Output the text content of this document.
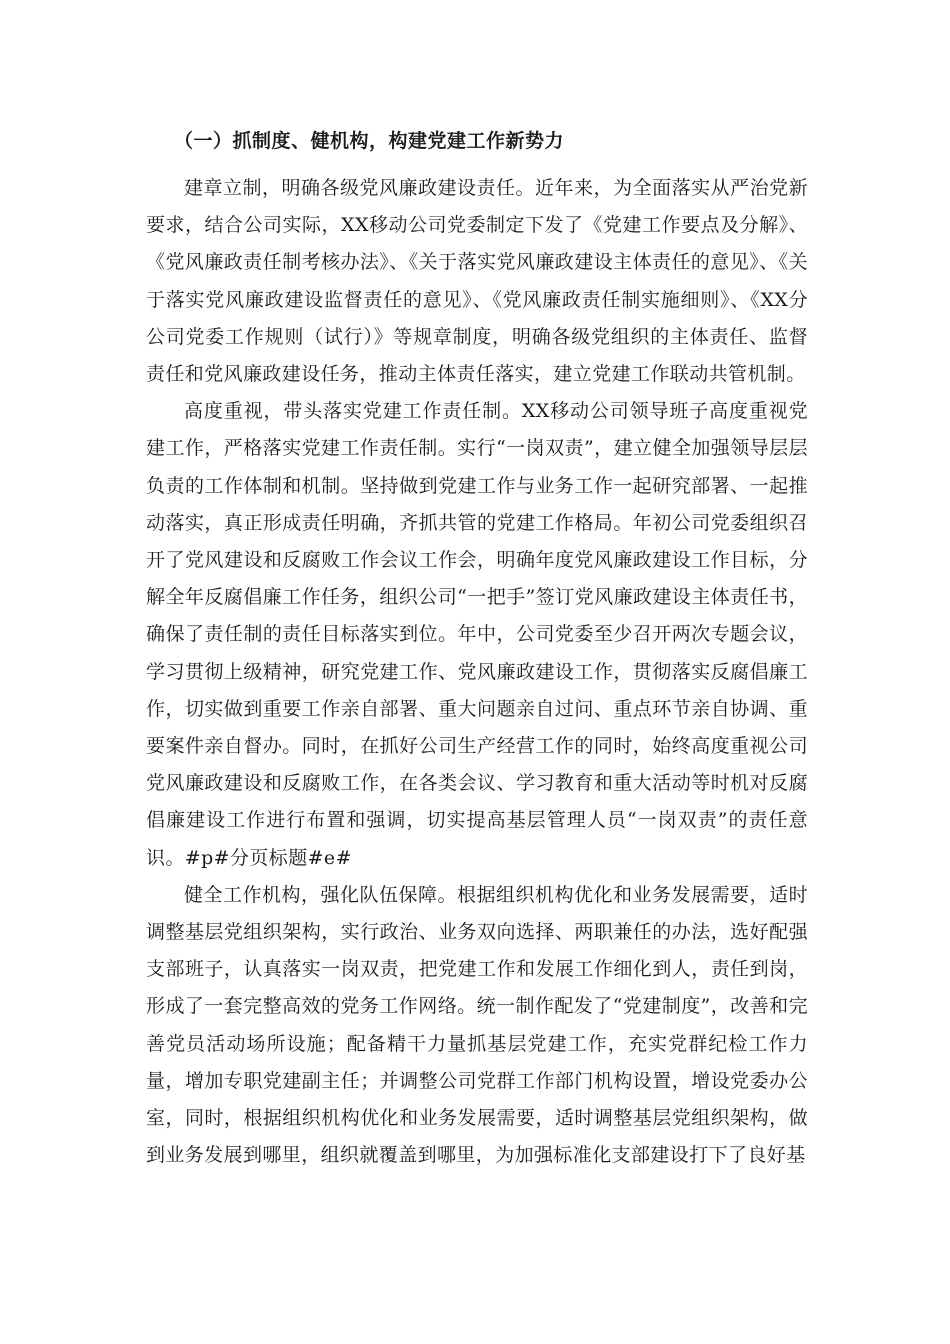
（一）抓制度、健机构，构建党建工作新势力

建章立制，明确各级党风廉政建设责任。近年来，为全面落实从严治党新要求，结合公司实际，XX移动公司党委制定下发了《党建工作要点及分解》、《党风廉政责任制考核办法》、《关于落实党风廉政建设主体责任的意见》、《关于落实党风廉政建设监督责任的意见》、《党风廉政责任制实施细则》、《XX分公司党委工作规则（试行）》等规章制度，明确各级党组织的主体责任、监督责任和党风廉政建设任务，推动主体责任落实，建立党建工作联动共管机制。

高度重视，带头落实党建工作责任制。XX移动公司领导班子高度重视党建工作，严格落实党建工作责任制。实行“一岗双责”，建立健全加强领导层层负责的工作体制和机制。坚持做到党建工作与业务工作一起研究部署、一起推动落实，真正形成责任明确，齐抓共管的党建工作格局。年初公司党委组织召开了党风建设和反腐败工作会议工作会，明确年度党风廉政建设工作目标，分解全年反腐倡廉工作任务，组织公司“一把手”签订党风廉政建设主体责任书，确保了责任制的责任目标落实到位。年中，公司党委至少召开两次专题会议，学习贯彻上级精神，研究党建工作、党风廉政建设工作，贯彻落实反腐倡廉工作，切实做到重要工作亲自部署、重大问题亲自过问、重点环节亲自协调、重要案件亲自督办。同时，在抓好公司生产经营工作的同时，始终高度重视公司党风廉政建设和反腐败工作，在各类会议、学习教育和重大活动等时机对反腐倡廉建设工作进行布置和强调，切实提高基层管理人员“一岗双责”的责任意识。#p#分页标题#e#

健全工作机构，强化队伍保障。根据组织机构优化和业务发展需要，适时调整基层党组织架构，实行政治、业务双向选择、两职兼任的办法，选好配强支部班子，认真落实一岗双责，把党建工作和发展工作细化到人，责任到岗，形成了一套完整高效的党务工作网络。统一制作配发了“党建制度”，改善和完善党员活动场所设施；配备精干力量抓基层党建工作，充实党群纪检工作力量，增加专职党建副主任；并调整公司党群工作部门机构设置，增设党委办公室，同时，根据组织机构优化和业务发展需要，适时调整基层党组织架构，做到业务发展到哪里，组织就覆盖到哪里，为加强标准化支部建设打下了良好基
